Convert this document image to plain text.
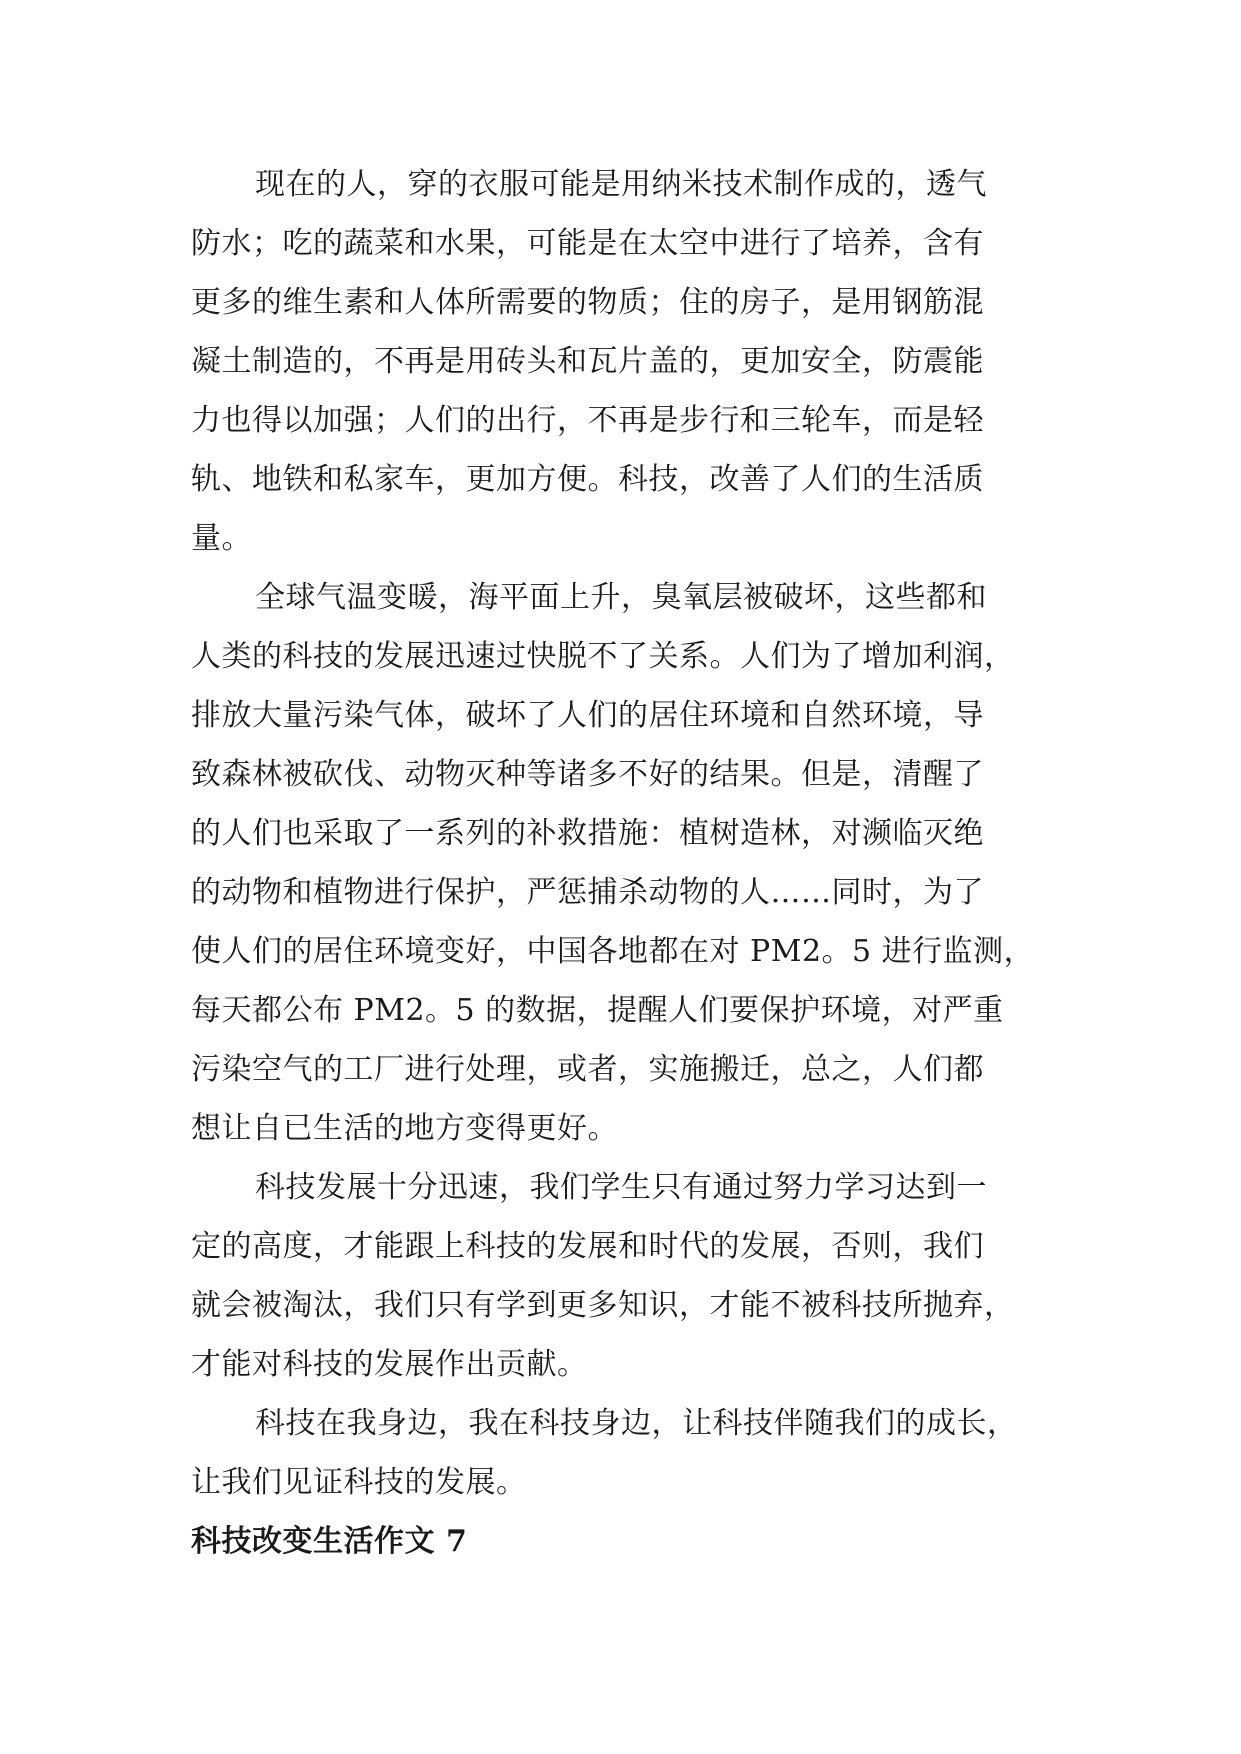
现在的人，穿的衣服可能是用纳米技术制作成的，透气
防水；吃的蔬菜和水果，可能是在太空中进行了培养，含有
更多的维生素和人体所需要的物质；住的房子，是用钢筋混
凝土制造的，不再是用砖头和瓦片盖的，更加安全，防震能
力也得以加强；人们的出行，不再是步行和三轮车，而是轻
轨、地铁和私家车，更加方便。科技，改善了人们的生活质
量。

全球气温变暖，海平面上升，臭氧层被破坏，这些都和
人类的科技的发展迅速过快脱不了关系。人们为了增加利润，
排放大量污染气体，破坏了人们的居住环境和自然环境，导
致森林被砍伐、动物灭种等诸多不好的结果。但是，清醒了
的人们也采取了一系列的补救措施：植树造林，对濒临灭绝
的动物和植物进行保护，严惩捕杀动物的人……同时，为了
使人们的居住环境变好，中国各地都在对 PM2。5 进行监测，
每天都公布 PM2。5 的数据，提醒人们要保护环境，对严重
污染空气的工厂进行处理，或者，实施搬迁，总之，人们都
想让自已生活的地方变得更好。

科技发展十分迅速，我们学生只有通过努力学习达到一
定的高度，才能跟上科技的发展和时代的发展，否则，我们
就会被淘汰，我们只有学到更多知识，才能不被科技所抛弃，
才能对科技的发展作出贡献。

科技在我身边，我在科技身边，让科技伴随我们的成长，
让我们见证科技的发展。

科技改变生活作文 7
